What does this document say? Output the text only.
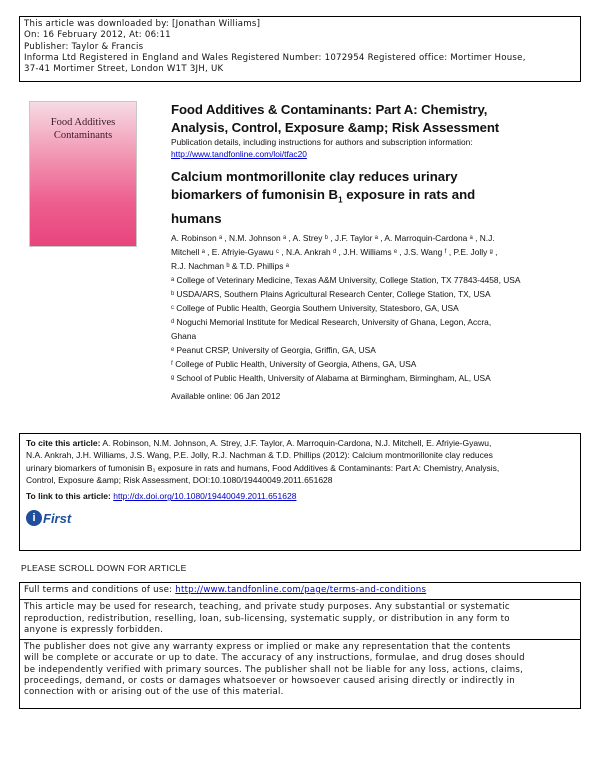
This article was downloaded by: [Jonathan Williams]
On: 16 February 2012, At: 06:11
Publisher: Taylor & Francis
Informa Ltd Registered in England and Wales Registered Number: 1072954 Registered office: Mortimer House,
37-41 Mortimer Street, London W1T 3JH, UK
Food Additives
Contaminants
Food Additives & Contaminants: Part A: Chemistry,
Analysis, Control, Exposure &amp; Risk Assessment
Publication details, including instructions for authors and subscription information:
http://www.tandfonline.com/loi/tfac20
Calcium montmorillonite clay reduces urinary
biomarkers of fumonisin $B_1$ exposure in rats and
humans
A. Robinson ᵃ , N.M. Johnson ᵃ , A. Strey ᵇ , J.F. Taylor ᵃ , A. Marroquin-Cardona ᵃ , N.J.
Mitchell ᵃ , E. Afriyie-Gyawu ᶜ , N.A. Ankrah ᵈ , J.H. Williams ᵉ , J.S. Wang ᶠ , P.E. Jolly ᵍ ,
R.J. Nachman ᵇ & T.D. Phillips ᵃ
ᵃ College of Veterinary Medicine, Texas A&M University, College Station, TX 77843-4458, USA
ᵇ USDA/ARS, Southern Plains Agricultural Research Center, College Station, TX, USA
ᶜ College of Public Health, Georgia Southern University, Statesboro, GA, USA
ᵈ Noguchi Memorial Institute for Medical Research, University of Ghana, Legon, Accra,
Ghana
ᵉ Peanut CRSP, University of Georgia, Griffin, GA, USA
ᶠ College of Public Health, University of Georgia, Athens, GA, USA
ᵍ School of Public Health, University of Alabama at Birmingham, Birmingham, AL, USA
Available online: 06 Jan 2012
To cite this article: A. Robinson, N.M. Johnson, A. Strey, J.F. Taylor, A. Marroquin-Cardona, N.J. Mitchell, E. Afriyie-Gyawu,
N.A. Ankrah, J.H. Williams, J.S. Wang, P.E. Jolly, R.J. Nachman & T.D. Phillips (2012): Calcium montmorillonite clay reduces
urinary biomarkers of fumonisin B₁ exposure in rats and humans, Food Additives & Contaminants: Part A: Chemistry, Analysis,
Control, Exposure &amp; Risk Assessment, DOI:10.1080/19440049.2011.651628
To link to this article: http://dx.doi.org/10.1080/19440049.2011.651628
i First
PLEASE SCROLL DOWN FOR ARTICLE
Full terms and conditions of use: http://www.tandfonline.com/page/terms-and-conditions
This article may be used for research, teaching, and private study purposes. Any substantial or systematic
reproduction, redistribution, reselling, loan, sub-licensing, systematic supply, or distribution in any form to
anyone is expressly forbidden.
The publisher does not give any warranty express or implied or make any representation that the contents
will be complete or accurate or up to date. The accuracy of any instructions, formulae, and drug doses should
be independently verified with primary sources. The publisher shall not be liable for any loss, actions, claims,
proceedings, demand, or costs or damages whatsoever or howsoever caused arising directly or indirectly in
connection with or arising out of the use of this material.
